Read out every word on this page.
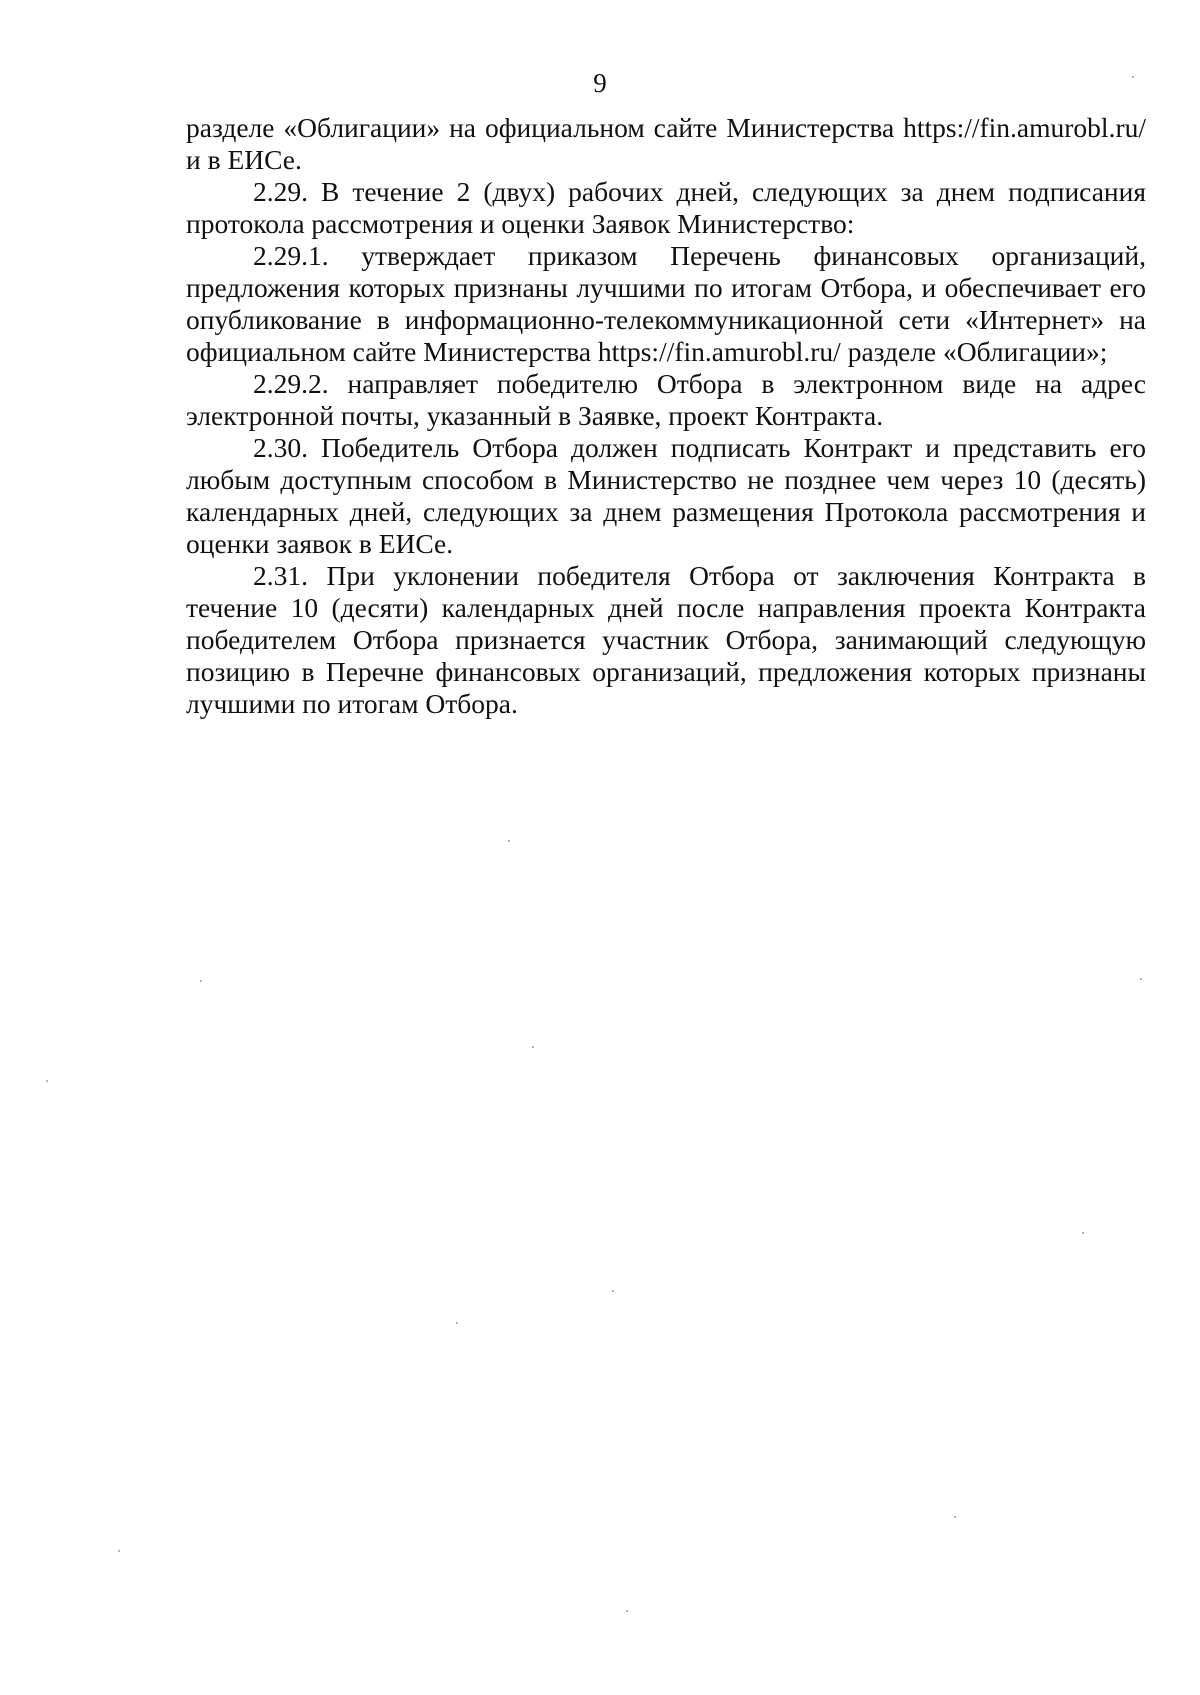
9

разделе «Облигации» на официальном сайте Министерства https://fin.amurobl.ru/ и в ЕИСе.

2.29. В течение 2 (двух) рабочих дней, следующих за днем подписания протокола рассмотрения и оценки Заявок Министерство:

2.29.1. утверждает приказом Перечень финансовых организаций, предложения которых признаны лучшими по итогам Отбора, и обеспечивает его опубликование в информационно-телекоммуникационной сети «Интернет» на официальном сайте Министерства https://fin.amurobl.ru/ разделе «Облигации»;

2.29.2. направляет победителю Отбора в электронном виде на адрес электронной почты, указанный в Заявке, проект Контракта.

2.30. Победитель Отбора должен подписать Контракт и представить его любым доступным способом в Министерство не позднее чем через 10 (десять) календарных дней, следующих за днем размещения Протокола рассмотрения и оценки заявок в ЕИСе.

2.31. При уклонении победителя Отбора от заключения Контракта в течение 10 (десяти) календарных дней после направления проекта Контракта победителем Отбора признается участник Отбора, занимающий следующую позицию в Перечне финансовых организаций, предложения которых признаны лучшими по итогам Отбора.
